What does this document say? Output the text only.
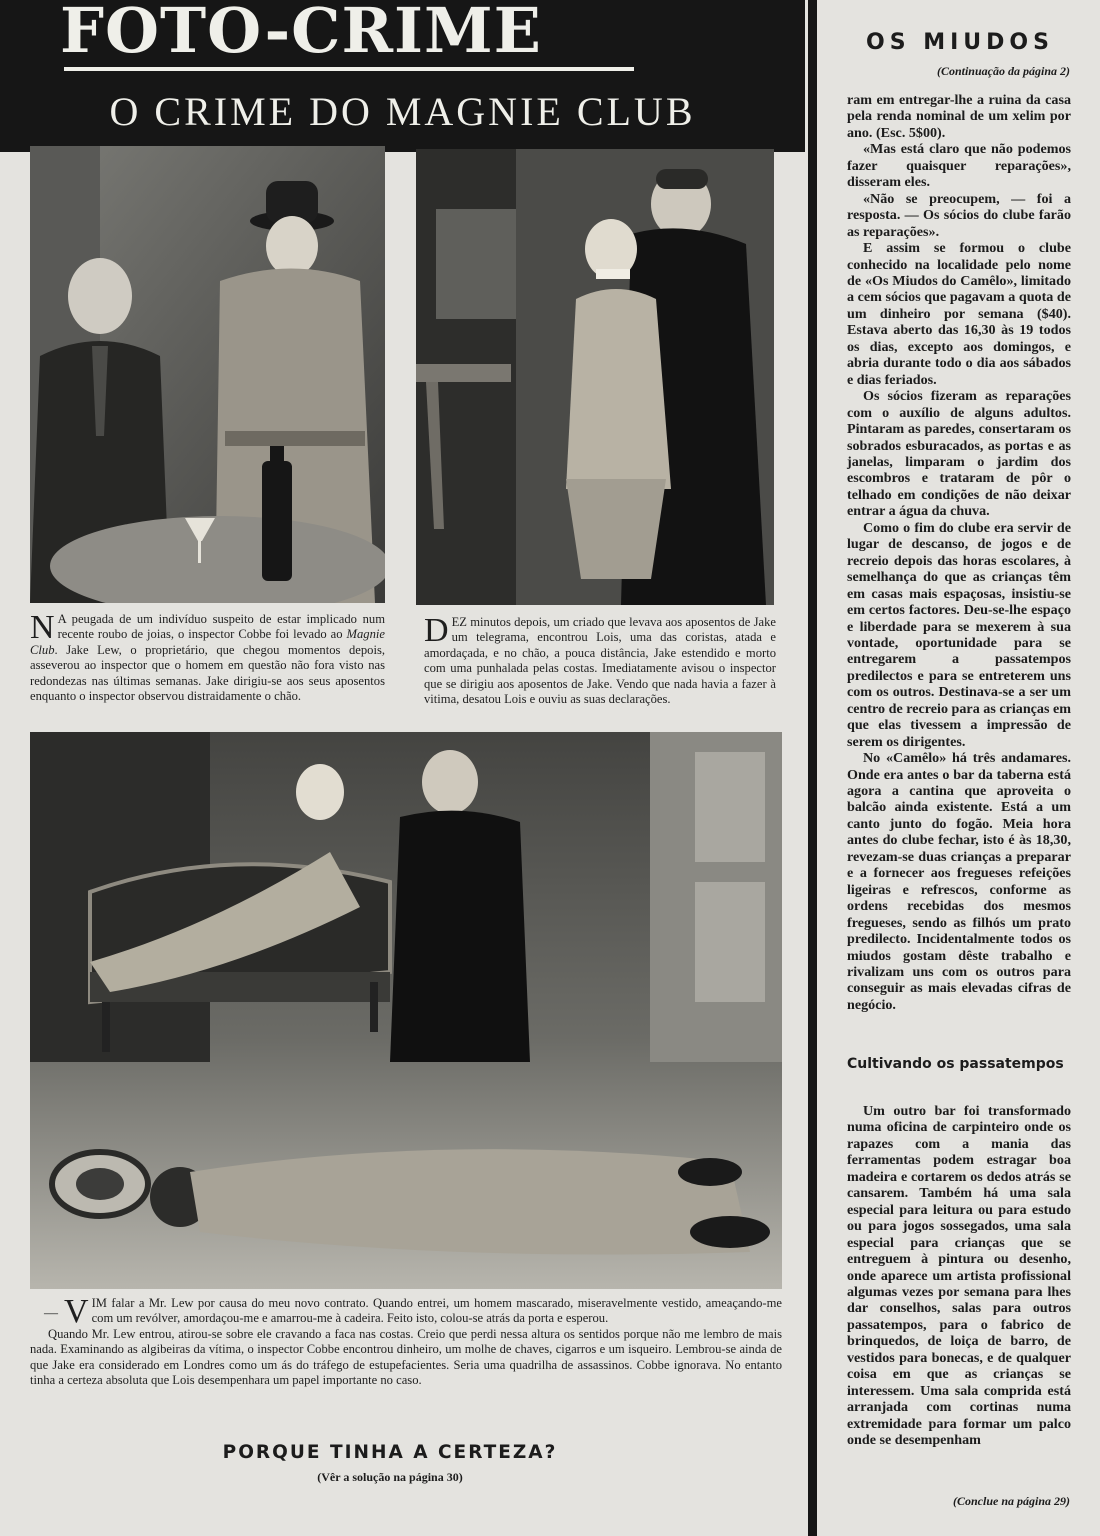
FOTO-CRIME
O CRIME DO MAGNIE CLUB
N A peugada de um indivíduo suspeito de estar implicado num recente roubo de joias, o inspector Cobbe foi levado ao Magnie Club. Jake Lew, o proprietário, que chegou momentos depois, asseverou ao inspector que o homem em questão não fora visto nas redondezas nas últimas semanas. Jake dirigiu-se aos seus aposentos enquanto o inspector observou distraidamente o chão.
DEZ minutos depois, um criado que levava aos aposentos de Jake um telegrama, encontrou Lois, uma das coristas, atada e amordaçada, e no chão, a pouca distância, Jake estendido e morto com uma punhalada pelas costas. Imediatamente avisou o inspector que se dirigiu aos aposentos de Jake. Vendo que nada havia a fazer à vitima, desatou Lois e ouviu as suas declarações.

— V IM falar a Mr. Lew por causa do meu novo contrato. Quando entrei, um homem mascarado, miseravelmente vestido, ameaçando-me com um revólver, amordaçou-me e amarrou-me à cadeira. Feito isto, colou-se atrás da porta e esperou.

Quando Mr. Lew entrou, atirou-se sobre ele cravando a faca nas costas. Creio que perdi nessa altura os sentidos porque não me lembro de mais nada. Examinando as algibeiras da vítima, o inspector Cobbe encontrou dinheiro, um molhe de chaves, cigarros e um isqueiro. Lembrou-se ainda de que Jake era considerado em Londres como um ás do tráfego de estupefacientes. Seria uma quadrilha de assassinos. Cobbe ignorava. No entanto tinha a certeza absoluta que Lois desempenhara um papel importante no caso.

PORQUE TINHA A CERTEZA?
(Vêr a solução na página 30)
OS MIUDOS
(Continuação da página 2)

ram em entregar-lhe a ruina da casa pela renda nominal de um xelim por ano. (Esc. 5$00).

«Mas está claro que não podemos fazer quaisquer reparações», disseram eles.

«Não se preocupem, — foi a resposta. — Os sócios do clube farão as reparações».

E assim se formou o clube conhecido na localidade pelo nome de «Os Miudos do Camêlo», limitado a cem sócios que pagavam a quota de um dinheiro por semana ($40). Estava aberto das 16,30 às 19 todos os dias, excepto aos domingos, e abria durante todo o dia aos sábados e dias feriados.

Os sócios fizeram as reparações com o auxílio de alguns adultos. Pintaram as paredes, consertaram os sobrados esburacados, as portas e as janelas, limparam o jardim dos escombros e trataram de pôr o telhado em condições de não deixar entrar a água da chuva.

Como o fim do clube era servir de lugar de descanso, de jogos e de recreio depois das horas escolares, à semelhança do que as crianças têm em casas mais espaçosas, insistiu-se em certos factores. Deu-se-lhe espaço e liberdade para se mexerem à sua vontade, oportunidade para se entregarem a passatempos predilectos e para se entreterem uns com os outros. Destinava-se a ser um centro de recreio para as crianças em que elas tivessem a impressão de serem os dirigentes.

No «Camêlo» há três andamares. Onde era antes o bar da taberna está agora a cantina que aproveita o balcão ainda existente. Está a um canto junto do fogão. Meia hora antes do clube fechar, isto é às 18,30, revezam-se duas crianças a preparar e a fornecer aos fregueses refeições ligeiras e refrescos, conforme as ordens recebidas dos mesmos fregueses, sendo as filhós um prato predilecto. Incidentalmente todos os miudos gostam dêste trabalho e rivalizam uns com os outros para conseguir as mais elevadas cifras de negócio.

Cultivando os passatempos

Um outro bar foi transformado numa oficina de carpinteiro onde os rapazes com a mania das ferramentas podem estragar boa madeira e cortarem os dedos atrás se cansarem. Também há uma sala especial para leitura ou para estudo ou para jogos sossegados, uma sala especial para crianças que se entreguem à pintura ou desenho, onde aparece um artista profissional algumas vezes por semana para lhes dar conselhos, salas para outros passatempos, para o fabrico de brinquedos, de loiça de barro, de vestidos para bonecas, e de qualquer coisa em que as crianças se interessem. Uma sala comprida está arranjada com cortinas numa extremidade para formar um palco onde se desempenham

(Conclue na página 29)
